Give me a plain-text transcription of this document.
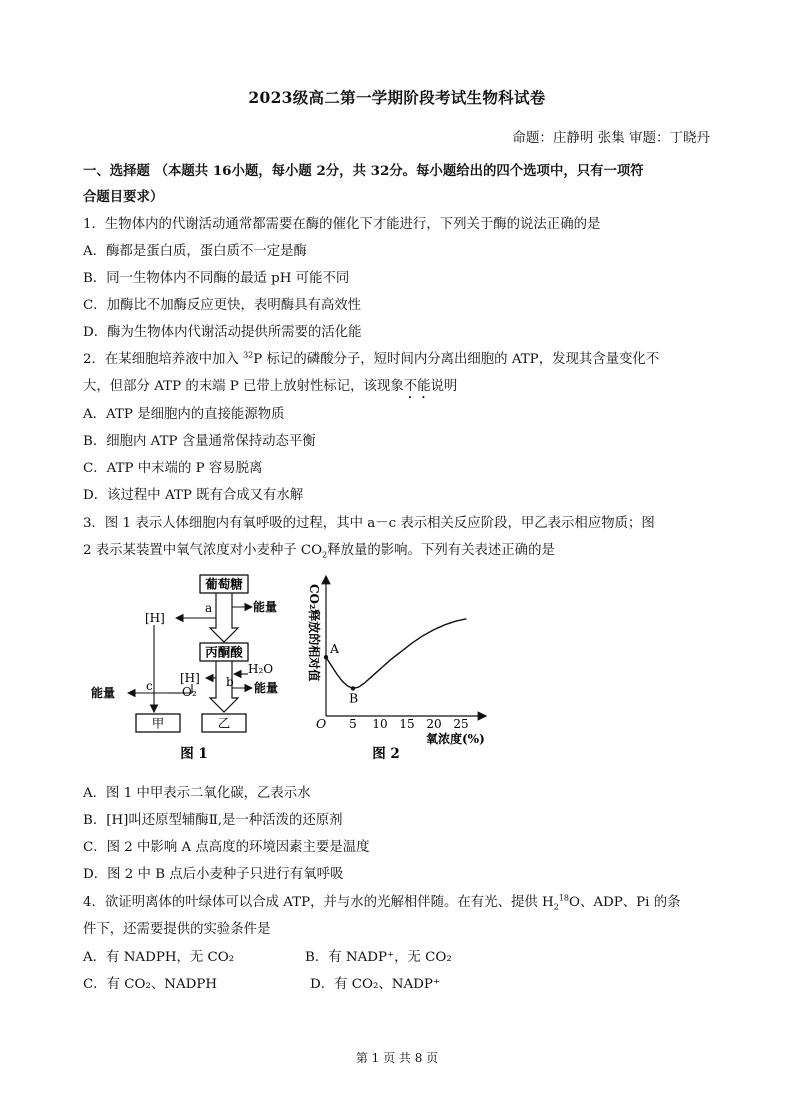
2023级高二第一学期阶段考试生物科试卷
命题：庄静明 张集 审题：丁晓丹
一、选择题 （本题共 16小题，每小题 2分，共 32分。每小题给出的四个选项中，只有一项符
合题目要求）
1．生物体内的代谢活动通常都需要在酶的催化下才能进行，下列关于酶的说法正确的是
A．酶都是蛋白质，蛋白质不一定是酶
B．同一生物体内不同酶的最适 pH 可能不同
C．加酶比不加酶反应更快，表明酶具有高效性
D．酶为生物体内代谢活动提供所需要的活化能
2．在某细胞培养液中加入 $^{32}$P 标记的磷酸分子，短时间内分离出细胞的 ATP，发现其含量变化不
大，但部分 ATP 的末端 P 已带上放射性标记，该现象不能说明
A．ATP 是细胞内的直接能源物质
B．细胞内 ATP 含量通常保持动态平衡
C．ATP 中末端的 P 容易脱离
D．该过程中 ATP 既有合成又有水解
3．图 1 表示人体细胞内有氧呼吸的过程，其中 a－c 表示相关反应阶段，甲乙表示相应物质；图
2 表示某装置中氧气浓度对小麦种子 $CO_2$释放量的影响。下列有关表述正确的是
葡萄糖
a	能量
[H]
丙酮酸
b
H₂O
能量
[H]
c O₂
能量
甲	乙
图 1
CO₂释放的相对值
O 5 10 15 20 25
氧浓度(%)
A
B
图 2
A．图 1 中甲表示二氧化碳，乙表示水
B．[H]叫还原型辅酶Ⅱ,是一种活泼的还原剂
C．图 2 中影响 A 点高度的环境因素主要是温度
D．图 2 中 B 点后小麦种子只进行有氧呼吸
4．欲证明离体的叶绿体可以合成 ATP，并与水的光解相伴随。在有光、提供 $H_2^{18}O$、ADP、Pi 的条
件下，还需要提供的实验条件是
A．有 NADPH，无 CO₂	B．有 NADP⁺，无 CO₂
C．有 CO₂、NADPH	D．有 CO₂、NADP⁺
第 1 页 共 8 页
